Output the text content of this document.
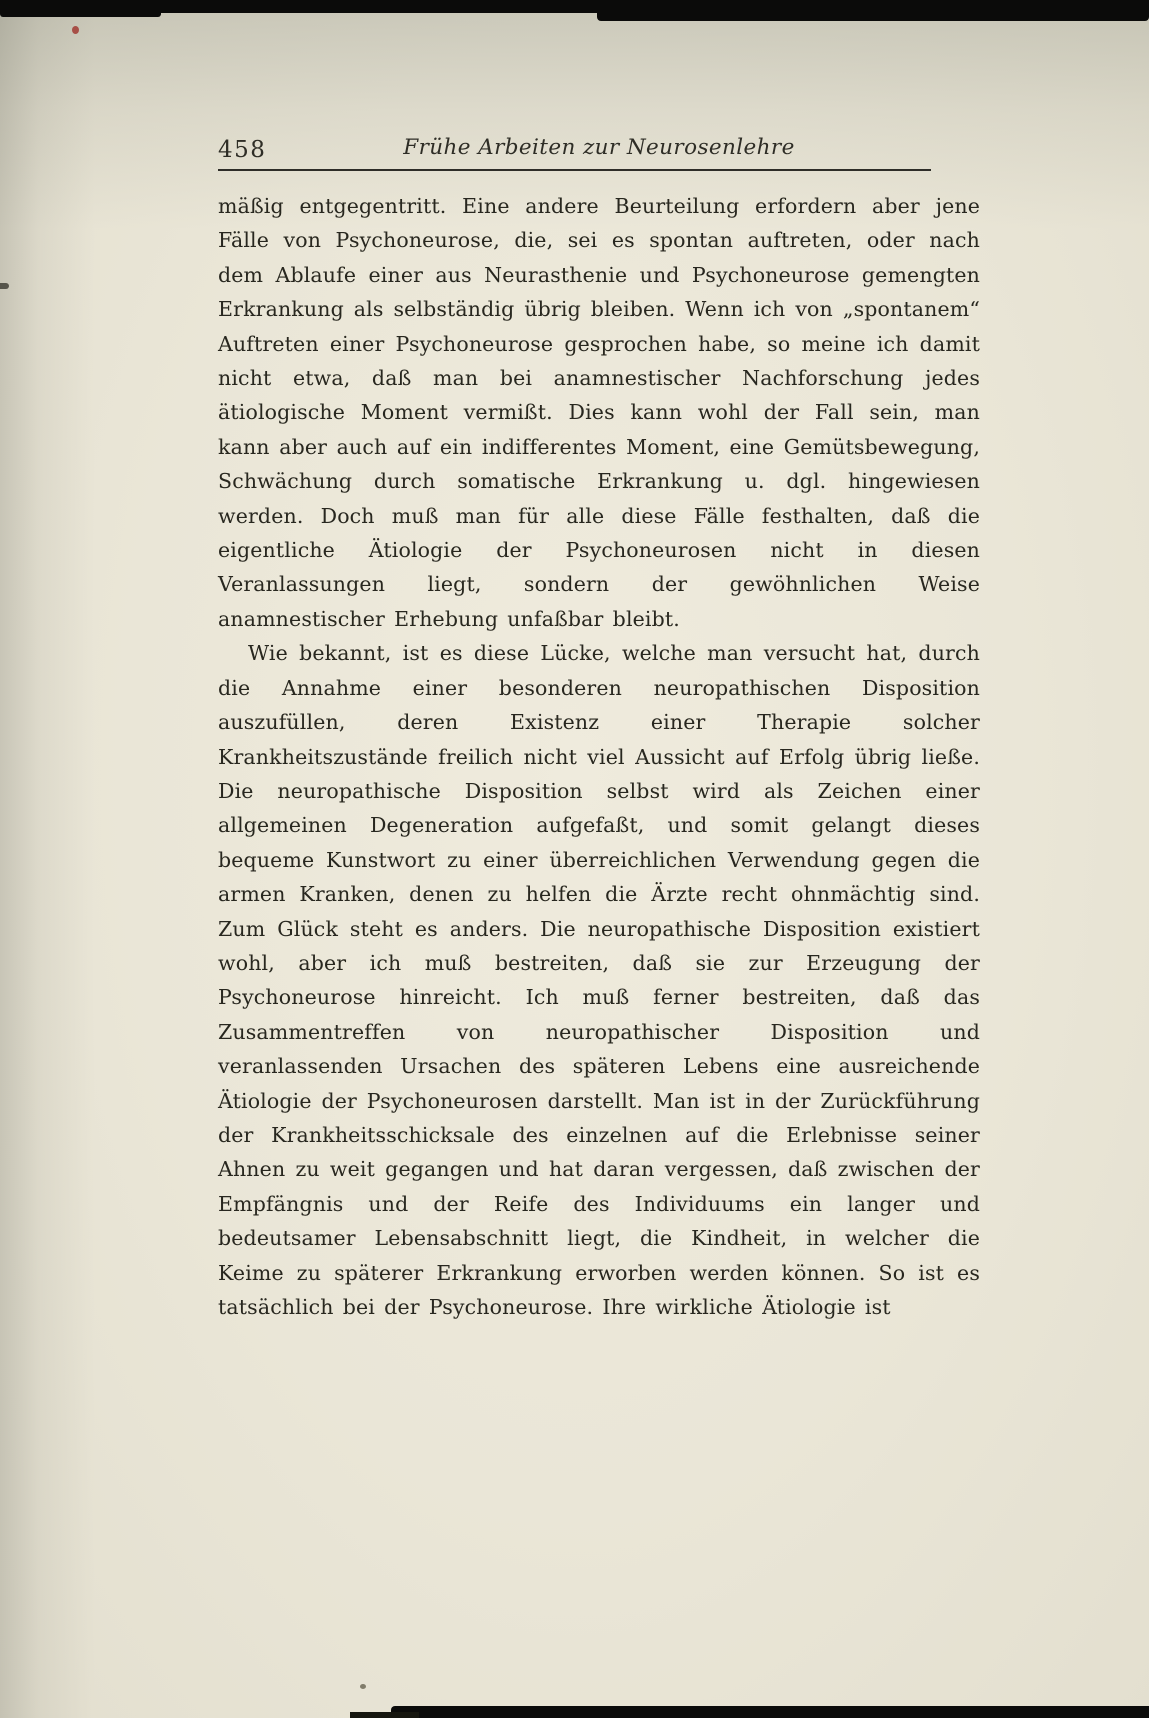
458	Frühe Arbeiten zur Neurosenlehre

mäßig entgegentritt. Eine andere Beurteilung erfordern aber jene Fälle von Psychoneurose, die, sei es spontan auftreten, oder nach dem Ablaufe einer aus Neurasthenie und Psychoneurose gemengten Erkrankung als selbständig übrig bleiben. Wenn ich von „spontanem“ Auftreten einer Psychoneurose gesprochen habe, so meine ich damit nicht etwa, daß man bei anamnestischer Nachforschung jedes ätiologische Moment vermißt. Dies kann wohl der Fall sein, man kann aber auch auf ein indifferentes Moment, eine Gemütsbewegung, Schwächung durch somatische Erkrankung u. dgl. hingewiesen werden. Doch muß man für alle diese Fälle festhalten, daß die eigentliche Ätiologie der Psychoneurosen nicht in diesen Veranlassungen liegt, sondern der gewöhnlichen Weise anamnestischer Erhebung unfaßbar bleibt.

Wie bekannt, ist es diese Lücke, welche man versucht hat, durch die Annahme einer besonderen neuropathischen Disposition auszufüllen, deren Existenz einer Therapie solcher Krankheitszustände freilich nicht viel Aussicht auf Erfolg übrig ließe. Die neuropathische Disposition selbst wird als Zeichen einer allgemeinen Degeneration aufgefaßt, und somit gelangt dieses bequeme Kunstwort zu einer überreichlichen Verwendung gegen die armen Kranken, denen zu helfen die Ärzte recht ohnmächtig sind. Zum Glück steht es anders. Die neuropathische Disposition existiert wohl, aber ich muß bestreiten, daß sie zur Erzeugung der Psychoneurose hinreicht. Ich muß ferner bestreiten, daß das Zusammentreffen von neuropathischer Disposition und veranlassenden Ursachen des späteren Lebens eine ausreichende Ätiologie der Psychoneurosen darstellt. Man ist in der Zurückführung der Krankheitsschicksale des einzelnen auf die Erlebnisse seiner Ahnen zu weit gegangen und hat daran vergessen, daß zwischen der Empfängnis und der Reife des Individuums ein langer und bedeutsamer Lebensabschnitt liegt, die Kindheit, in welcher die Keime zu späterer Erkrankung erworben werden können. So ist es tatsächlich bei der Psychoneurose. Ihre wirkliche Ätiologie ist
